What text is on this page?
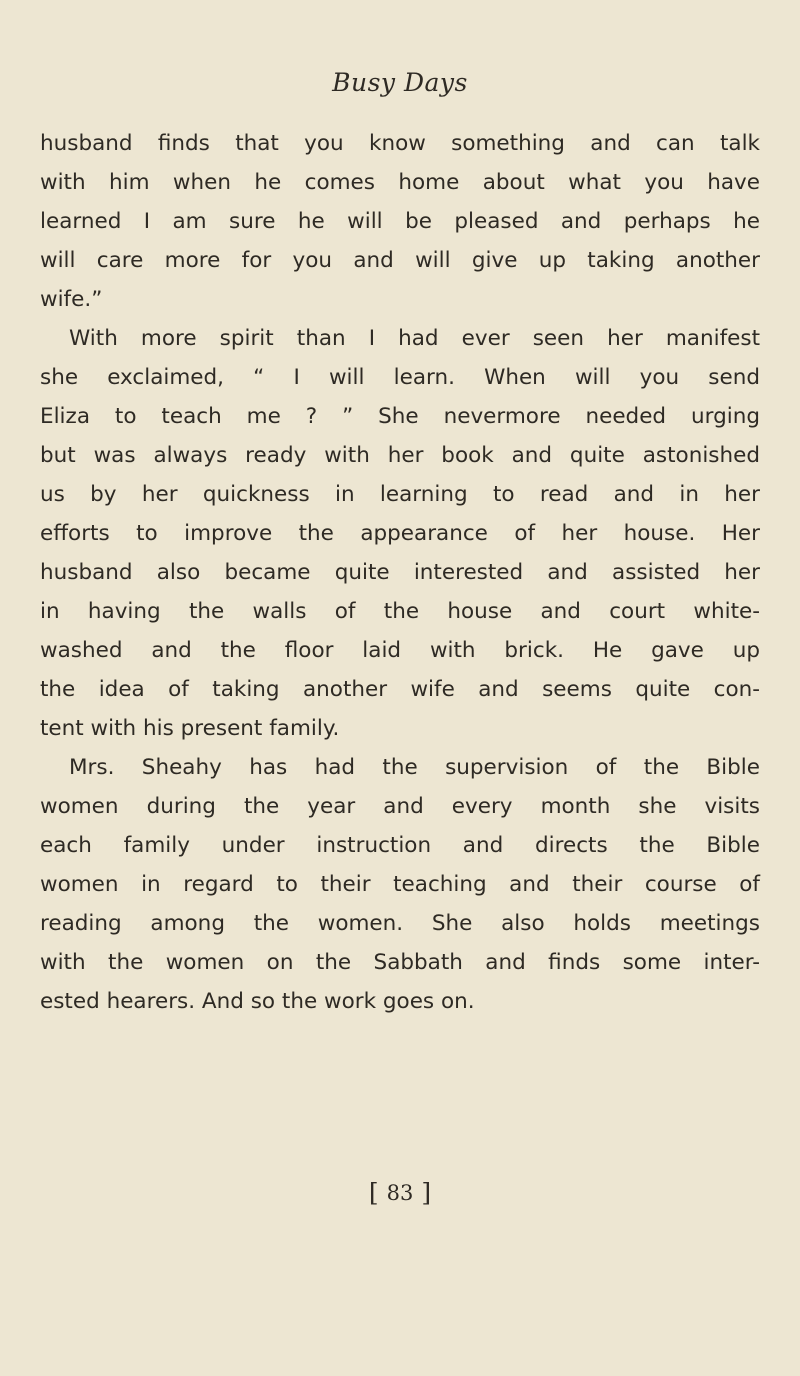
Busy Days
husband finds that you know something and can talk
with him when he comes home about what you have
learned I am sure he will be pleased and perhaps he
will care more for you and will give up taking another
wife.”
With more spirit than I had ever seen her manifest
she exclaimed, “ I will learn. When will you send
Eliza to teach me ? ” She nevermore needed urging
but was always ready with her book and quite astonished
us by her quickness in learning to read and in her
efforts to improve the appearance of her house. Her
husband also became quite interested and assisted her
in having the walls of the house and court white-
washed and the floor laid with brick. He gave up
the idea of taking another wife and seems quite con-
tent with his present family.
Mrs. Sheahy has had the supervision of the Bible
women during the year and every month she visits
each family under instruction and directs the Bible
women in regard to their teaching and their course of
reading among the women. She also holds meetings
with the women on the Sabbath and finds some inter-
ested hearers. And so the work goes on.
[ 83 ]
